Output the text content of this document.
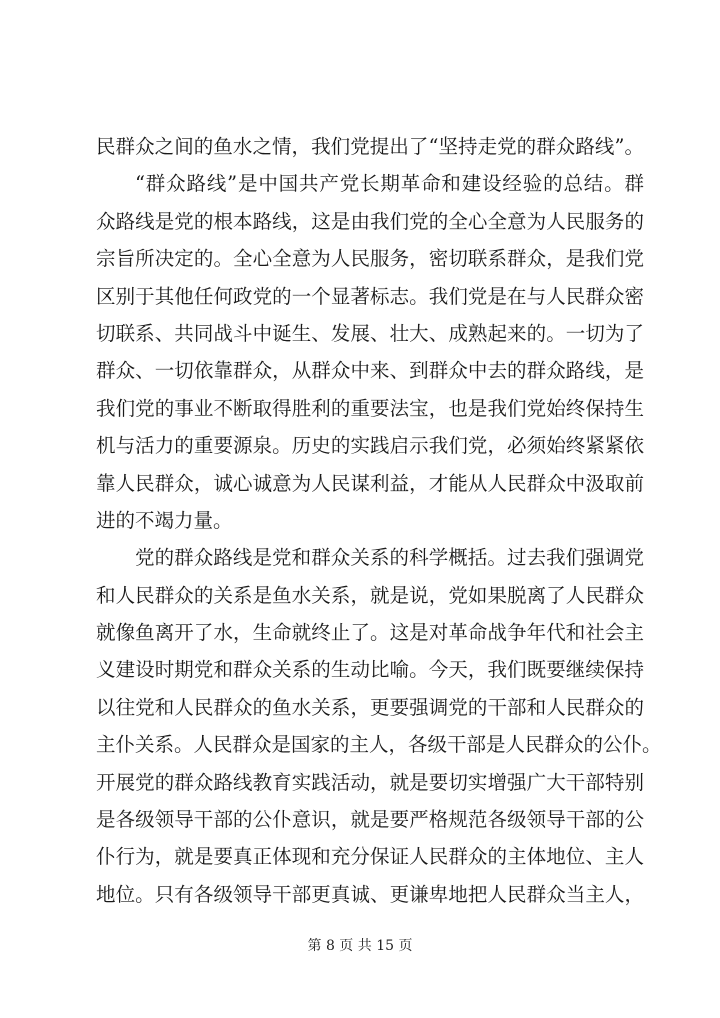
民群众之间的鱼水之情，我们党提出了“坚持走党的群众路线”。
“群众路线”是中国共产党长期革命和建设经验的总结。群
众路线是党的根本路线，这是由我们党的全心全意为人民服务的
宗旨所决定的。全心全意为人民服务，密切联系群众，是我们党
区别于其他任何政党的一个显著标志。我们党是在与人民群众密
切联系、共同战斗中诞生、发展、壮大、成熟起来的。一切为了
群众、一切依靠群众，从群众中来、到群众中去的群众路线，是
我们党的事业不断取得胜利的重要法宝，也是我们党始终保持生
机与活力的重要源泉。历史的实践启示我们党，必须始终紧紧依
靠人民群众，诚心诚意为人民谋利益，才能从人民群众中汲取前
进的不竭力量。
党的群众路线是党和群众关系的科学概括。过去我们强调党
和人民群众的关系是鱼水关系，就是说，党如果脱离了人民群众
就像鱼离开了水，生命就终止了。这是对革命战争年代和社会主
义建设时期党和群众关系的生动比喻。今天，我们既要继续保持
以往党和人民群众的鱼水关系，更要强调党的干部和人民群众的
主仆关系。人民群众是国家的主人，各级干部是人民群众的公仆。
开展党的群众路线教育实践活动，就是要切实增强广大干部特别
是各级领导干部的公仆意识，就是要严格规范各级领导干部的公
仆行为，就是要真正体现和充分保证人民群众的主体地位、主人
地位。只有各级领导干部更真诚、更谦卑地把人民群众当主人，
第 8 页 共 15 页
